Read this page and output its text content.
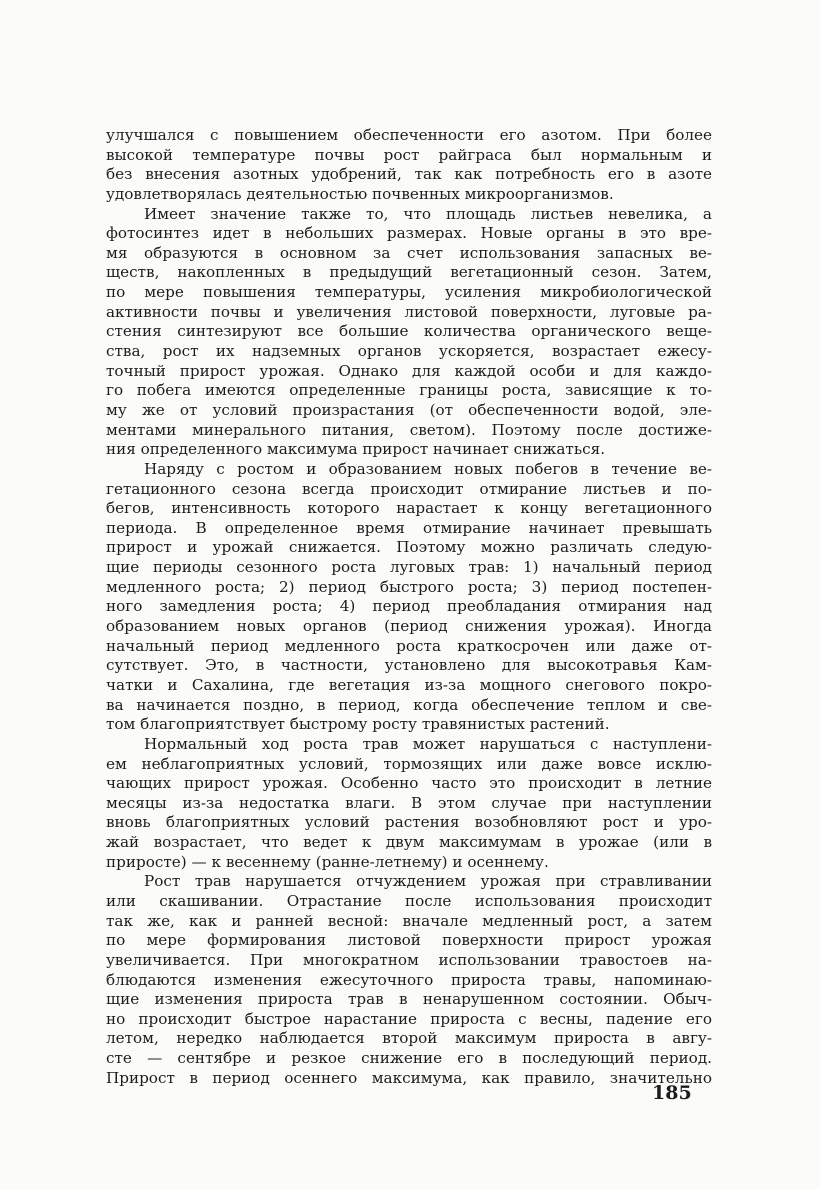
улучшался с повышением обеспеченности его азотом. При более
высокой температуре почвы рост райграса был нормальным и
без внесения азотных удобрений, так как потребность его в азоте
удовлетворялась деятельностью почвенных микроорганизмов.
Имеет значение также то, что площадь листьев невелика, а
фотосинтез идет в небольших размерах. Новые органы в это вре-
мя образуются в основном за счет использования запасных ве-
ществ, накопленных в предыдущий вегетационный сезон. Затем,
по мере повышения температуры, усиления микробиологической
активности почвы и увеличения листовой поверхности, луговые ра-
стения синтезируют все большие количества органического веще-
ства, рост их надземных органов ускоряется, возрастает ежесу-
точный прирост урожая. Однако для каждой особи и для каждо-
го побега имеются определенные границы роста, зависящие к то-
му же от условий произрастания (от обеспеченности водой, эле-
ментами минерального питания, светом). Поэтому после достиже-
ния определенного максимума прирост начинает снижаться.
Наряду с ростом и образованием новых побегов в течение ве-
гетационного сезона всегда происходит отмирание листьев и по-
бегов, интенсивность которого нарастает к концу вегетационного
периода. В определенное время отмирание начинает превышать
прирост и урожай снижается. Поэтому можно различать следую-
щие периоды сезонного роста луговых трав: 1) начальный период
медленного роста; 2) период быстрого роста; 3) период постепен-
ного замедления роста; 4) период преобладания отмирания над
образованием новых органов (период снижения урожая). Иногда
начальный период медленного роста краткосрочен или даже от-
сутствует. Это, в частности, установлено для высокотравья Кам-
чатки и Сахалина, где вегетация из-за мощного снегового покро-
ва начинается поздно, в период, когда обеспечение теплом и све-
том благоприятствует быстрому росту травянистых растений.
Нормальный ход роста трав может нарушаться с наступлени-
ем неблагоприятных условий, тормозящих или даже вовсе исклю-
чающих прирост урожая. Особенно часто это происходит в летние
месяцы из-за недостатка влаги. В этом случае при наступлении
вновь благоприятных условий растения возобновляют рост и уро-
жай возрастает, что ведет к двум максимумам в урожае (или в
приросте) — к весеннему (ранне-летнему) и осеннему.
Рост трав нарушается отчуждением урожая при стравливании
или скашивании. Отрастание после использования происходит
так же, как и ранней весной: вначале медленный рост, а затем
по мере формирования листовой поверхности прирост урожая
увеличивается. При многократном использовании травостоев на-
блюдаются изменения ежесуточного прироста травы, напоминаю-
щие изменения прироста трав в ненарушенном состоянии. Обыч-
но происходит быстрое нарастание прироста с весны, падение его
летом, нередко наблюдается второй максимум прироста в авгу-
сте — сентябре и резкое снижение его в последующий период.
Прирост в период осеннего максимума, как правило, значительно
185
